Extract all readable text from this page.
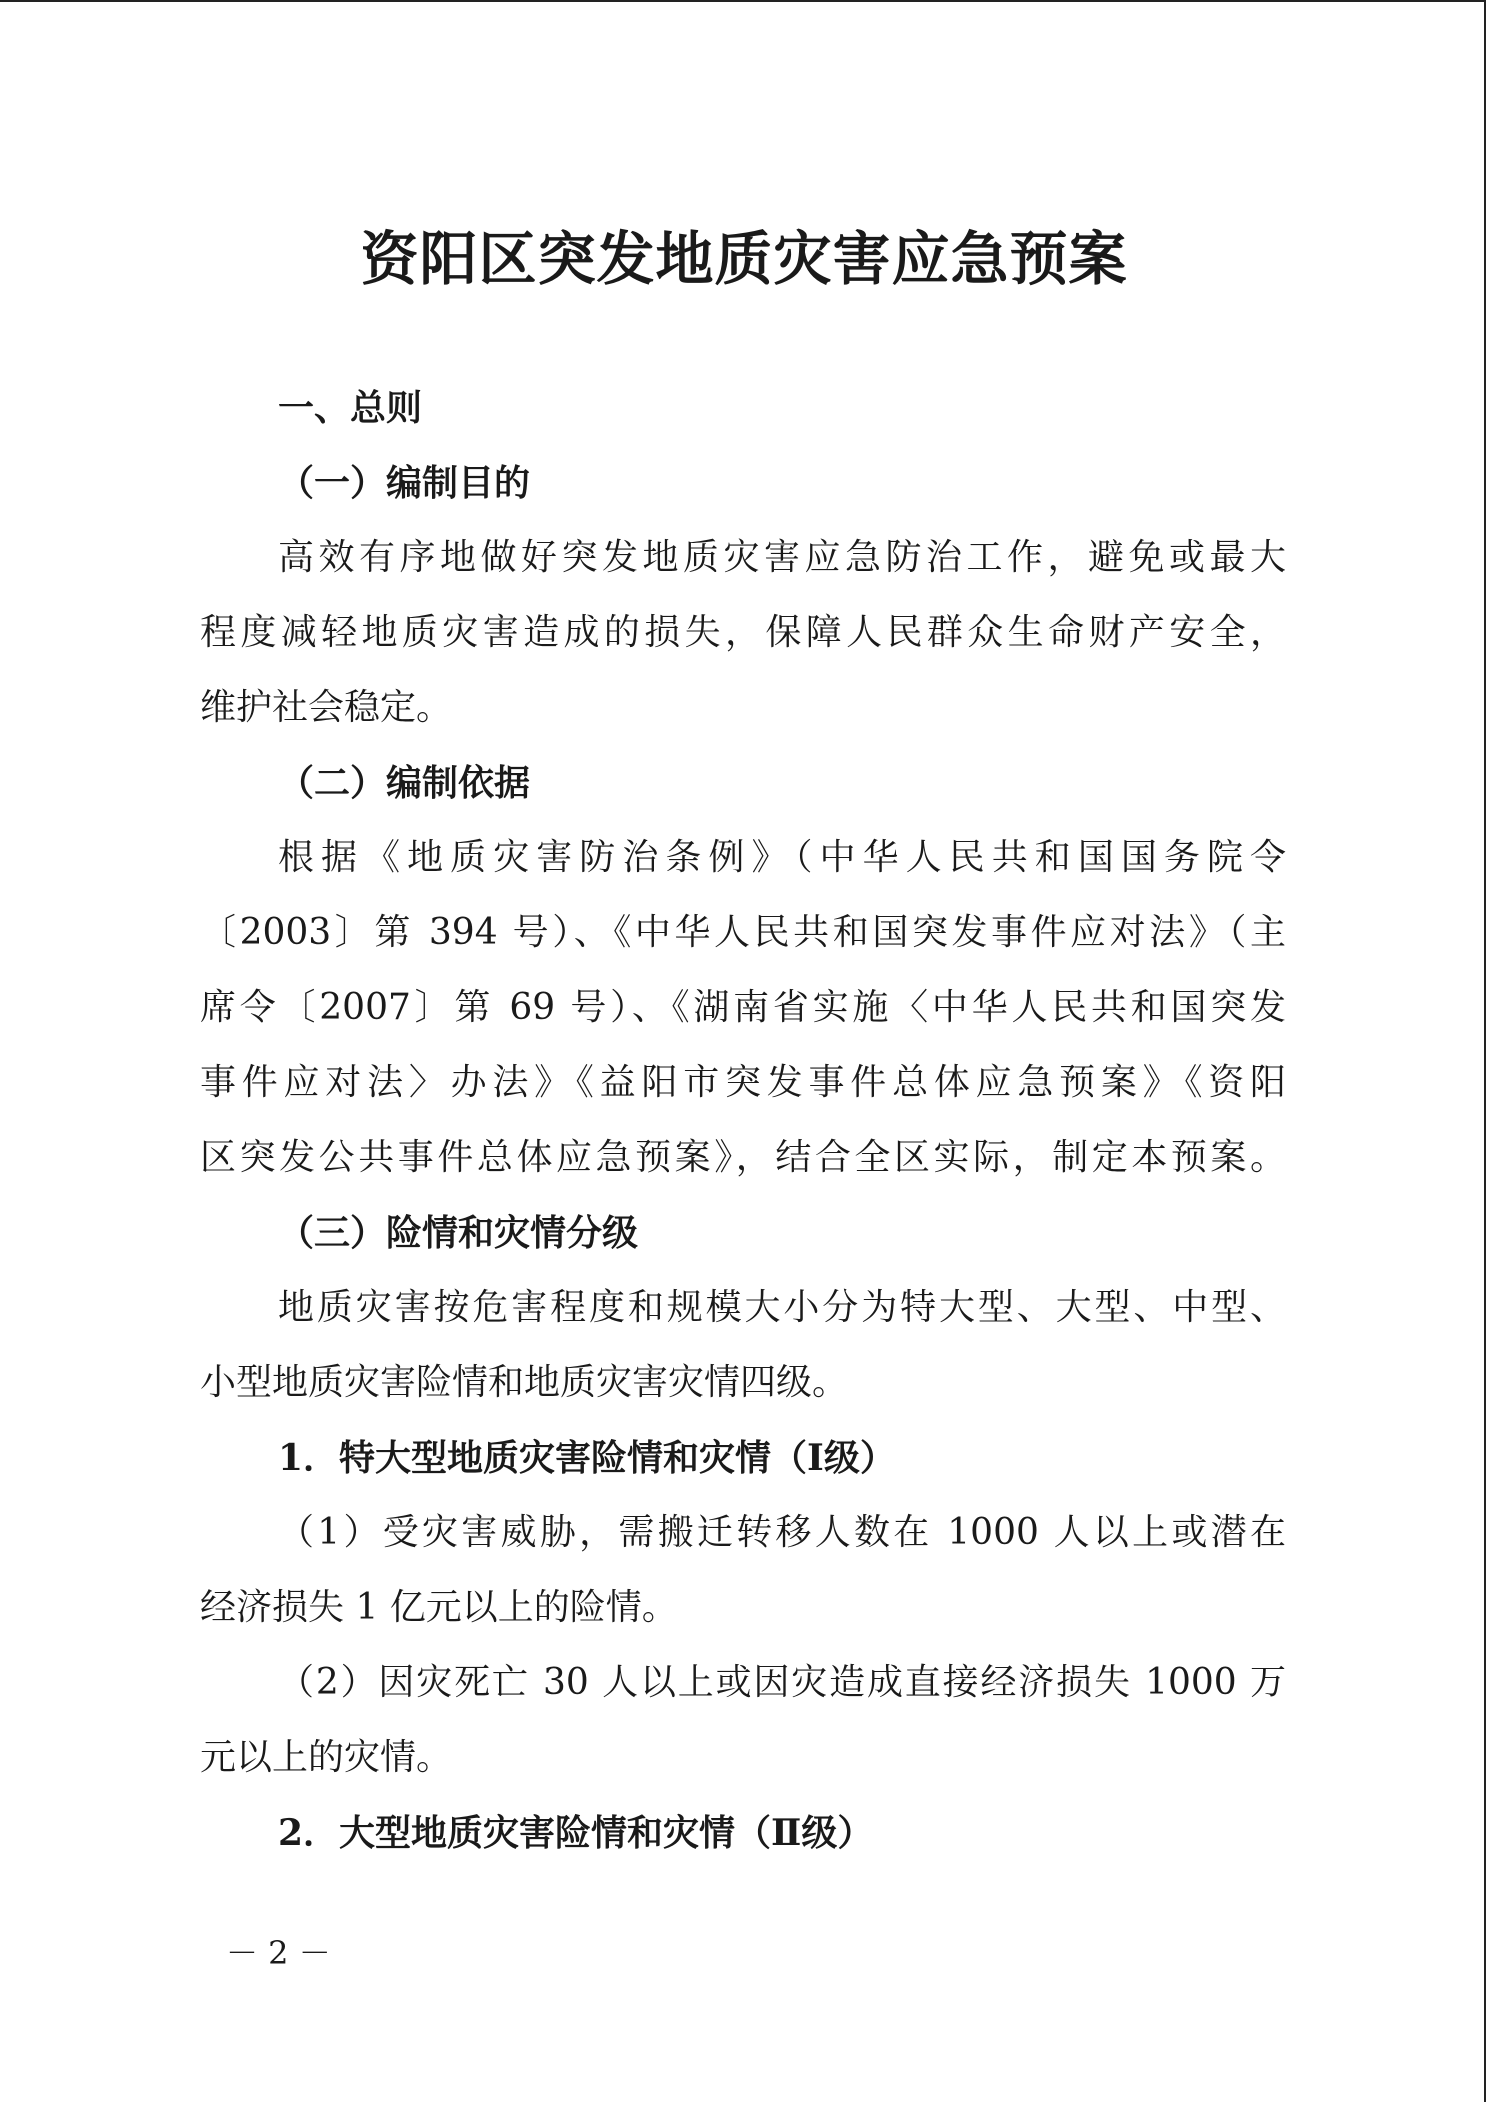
资阳区突发地质灾害应急预案
一、总则
（一）编制目的
高效有序地做好突发地质灾害应急防治工作，避免或最大
程度减轻地质灾害造成的损失，保障人民群众生命财产安全，
维护社会稳定。
（二）编制依据
根据《地质灾害防治条例》（中华人民共和国国务院令
〔2003〕第 394 号）、《中华人民共和国突发事件应对法》（主
席令〔2007〕第 69 号）、《湖南省实施〈中华人民共和国突发
事件应对法〉办法》《益阳市突发事件总体应急预案》《资阳
区突发公共事件总体应急预案》，结合全区实际，制定本预案。
（三）险情和灾情分级
地质灾害按危害程度和规模大小分为特大型、大型、中型、
小型地质灾害险情和地质灾害灾情四级。
1．特大型地质灾害险情和灾情（Ⅰ级）
（1）受灾害威胁，需搬迁转移人数在 1000 人以上或潜在
经济损失 1 亿元以上的险情。
（2）因灾死亡 30 人以上或因灾造成直接经济损失 1000 万
元以上的灾情。
2．大型地质灾害险情和灾情（Ⅱ级）
－ 2 －
